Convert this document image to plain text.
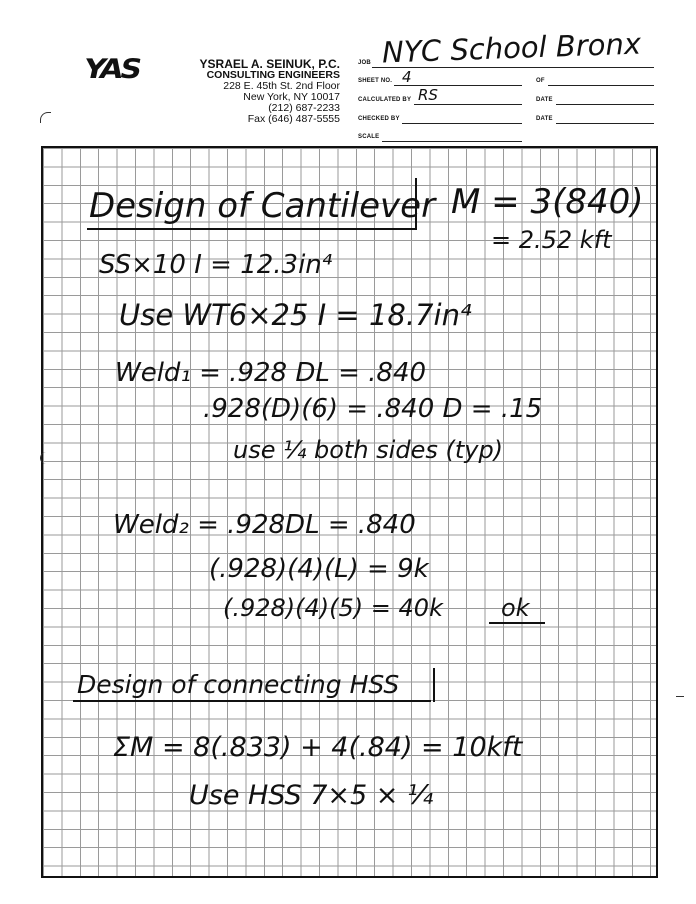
YAS	YSRAEL A. SEINUK, P.C.
CONSULTING ENGINEERS
228 E. 45th St. 2nd Floor
New York, NY 10017
(212) 687-2233
Fax (646) 487-5555
JOB NYC School Bronx
SHEET NO. 4	OF
CALCULATED BY RS	DATE
CHECKED BY	DATE
SCALE
Design of Cantilever M = 3(840)
= 2.52 kft
SS×10 I = 12.3in⁴
Use WT6×25 I = 18.7in⁴
Weld₁ = .928 DL = .840
.928(D)(6) = .840 D = .15
use ¼ both sides (typ)
Weld₂ = .928DL = .840
(.928)(4)(L) = 9k
(.928)(4)(5) = 40k ok
Design of connecting HSS
ΣM = 8(.833) + 4(.84) = 10kft
Use HSS 7×5 × ¼
